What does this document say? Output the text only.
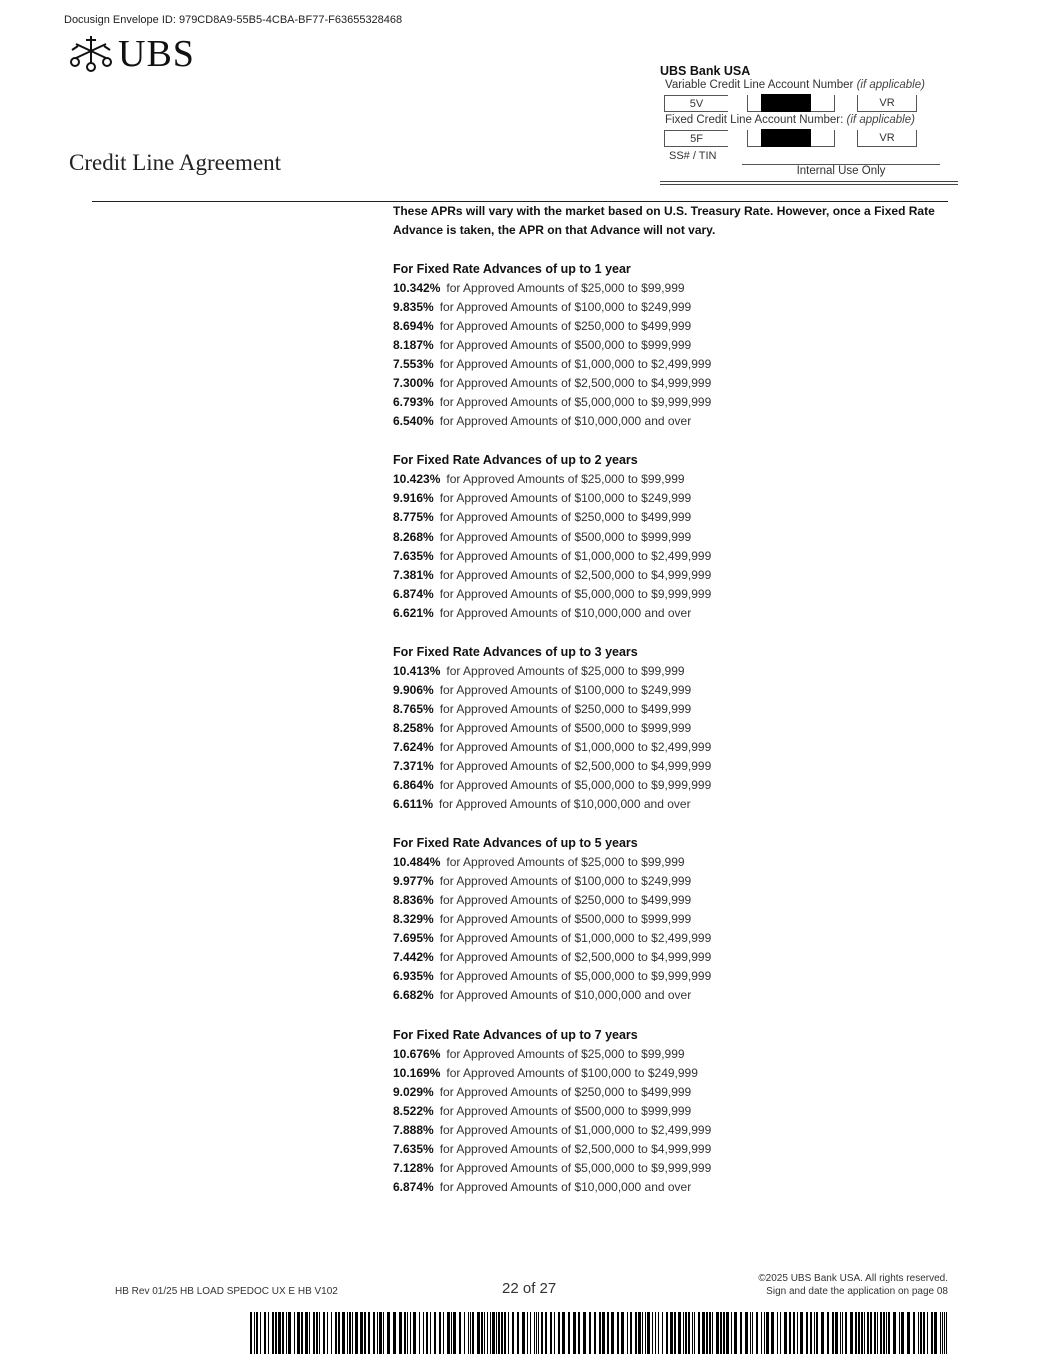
Docusign Envelope ID: 979CD8A9-55B5-4CBA-BF77-F63655328468
UBS
Credit Line Agreement
UBS Bank USA
Variable Credit Line Account Number (if applicable)
5V	VR
Fixed Credit Line Account Number: (if applicable)
5F	VR
SS# / TIN
Internal Use Only

These APRs will vary with the market based on U.S. Treasury Rate. However, once a Fixed Rate Advance is taken, the APR on that Advance will not vary.

For Fixed Rate Advances of up to 1 year
10.342% for Approved Amounts of $25,000 to $99,999
9.835% for Approved Amounts of $100,000 to $249,999
8.694% for Approved Amounts of $250,000 to $499,999
8.187% for Approved Amounts of $500,000 to $999,999
7.553% for Approved Amounts of $1,000,000 to $2,499,999
7.300% for Approved Amounts of $2,500,000 to $4,999,999
6.793% for Approved Amounts of $5,000,000 to $9,999,999
6.540% for Approved Amounts of $10,000,000 and over
For Fixed Rate Advances of up to 2 years
10.423% for Approved Amounts of $25,000 to $99,999
9.916% for Approved Amounts of $100,000 to $249,999
8.775% for Approved Amounts of $250,000 to $499,999
8.268% for Approved Amounts of $500,000 to $999,999
7.635% for Approved Amounts of $1,000,000 to $2,499,999
7.381% for Approved Amounts of $2,500,000 to $4,999,999
6.874% for Approved Amounts of $5,000,000 to $9,999,999
6.621% for Approved Amounts of $10,000,000 and over
For Fixed Rate Advances of up to 3 years
10.413% for Approved Amounts of $25,000 to $99,999
9.906% for Approved Amounts of $100,000 to $249,999
8.765% for Approved Amounts of $250,000 to $499,999
8.258% for Approved Amounts of $500,000 to $999,999
7.624% for Approved Amounts of $1,000,000 to $2,499,999
7.371% for Approved Amounts of $2,500,000 to $4,999,999
6.864% for Approved Amounts of $5,000,000 to $9,999,999
6.611% for Approved Amounts of $10,000,000 and over
For Fixed Rate Advances of up to 5 years
10.484% for Approved Amounts of $25,000 to $99,999
9.977% for Approved Amounts of $100,000 to $249,999
8.836% for Approved Amounts of $250,000 to $499,999
8.329% for Approved Amounts of $500,000 to $999,999
7.695% for Approved Amounts of $1,000,000 to $2,499,999
7.442% for Approved Amounts of $2,500,000 to $4,999,999
6.935% for Approved Amounts of $5,000,000 to $9,999,999
6.682% for Approved Amounts of $10,000,000 and over
For Fixed Rate Advances of up to 7 years
10.676% for Approved Amounts of $25,000 to $99,999
10.169% for Approved Amounts of $100,000 to $249,999
9.029% for Approved Amounts of $250,000 to $499,999
8.522% for Approved Amounts of $500,000 to $999,999
7.888% for Approved Amounts of $1,000,000 to $2,499,999
7.635% for Approved Amounts of $2,500,000 to $4,999,999
7.128% for Approved Amounts of $5,000,000 to $9,999,999
6.874% for Approved Amounts of $10,000,000 and over
HB Rev 01/25 HB LOAD SPEDOC UX E HB V102	22 of 27
©2025 UBS Bank USA. All rights reserved.
Sign and date the application on page 08
